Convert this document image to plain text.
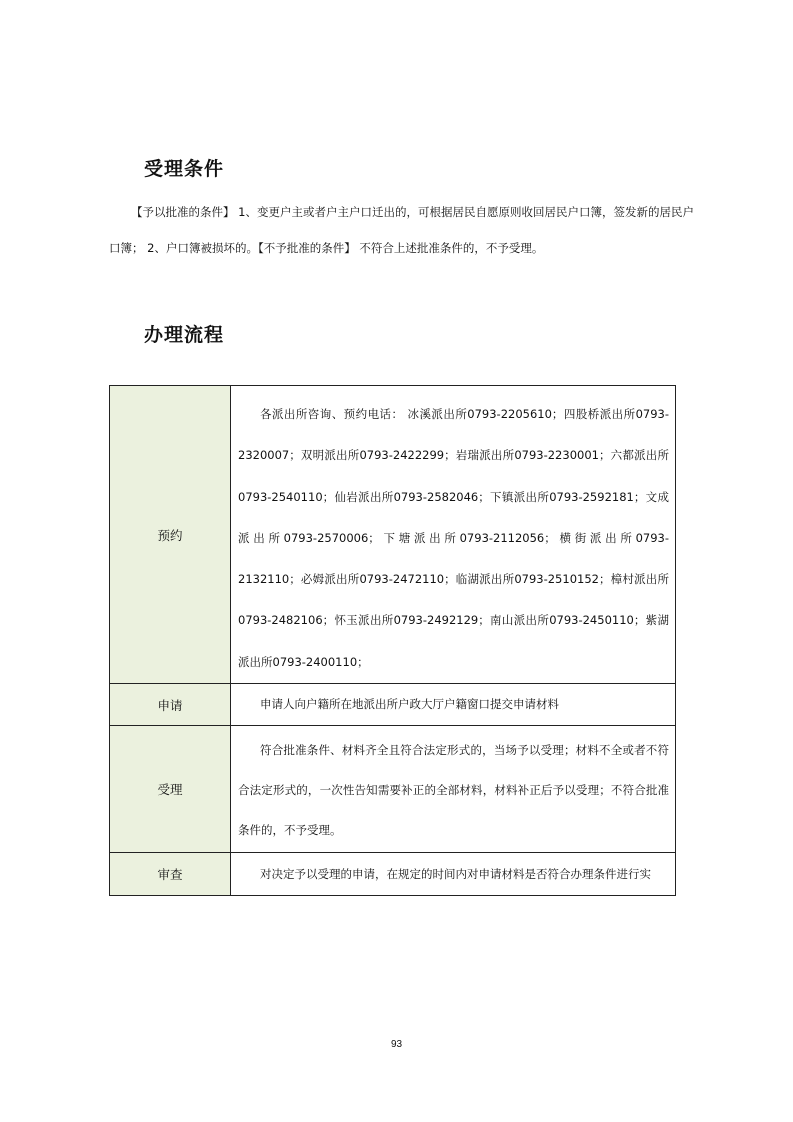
受理条件
【予以批准的条件】 1、变更户主或者户主户口迁出的，可根据居民自愿原则收回居民户口簿，签发新的居民户口簿； 2、户口簿被损坏的。【不予批准的条件】 不符合上述批准条件的，不予受理。
办理流程
预约	各派出所咨询、预约电话： 冰溪派出所0793-2205610；四股桥派出所0793-2320007；双明派出所0793-2422299；岩瑞派出所0793-2230001；六都派出所0793-2540110；仙岩派出所0793-2582046；下镇派出所0793-2592181；文成派出所0793-2570006；下塘派出所0793-2112056；横街派出所0793-2132110；必姆派出所0793-2472110；临湖派出所0793-2510152；樟村派出所0793-2482106；怀玉派出所0793-2492129；南山派出所0793-2450110；紫湖派出所0793-2400110；

申请	申请人向户籍所在地派出所户政大厅户籍窗口提交申请材料

受理	符合批准条件、材料齐全且符合法定形式的，当场予以受理；材料不全或者不符合法定形式的，一次性告知需要补正的全部材料，材料补正后予以受理；不符合批准条件的，不予受理。

审查	对决定予以受理的申请，在规定的时间内对申请材料是否符合办理条件进行实
93
